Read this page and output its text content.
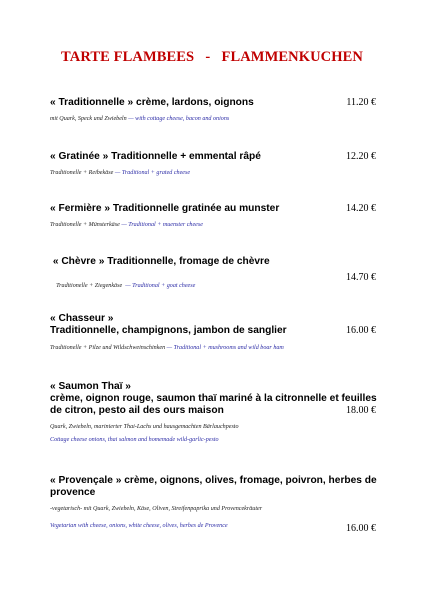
TARTE FLAMBEES   -   FLAMMENKUCHEN
11.20 €
« Traditionnelle » crème, lardons, oignons
mit Quark, Speck und Zwiebeln — with cottage cheese, bacon and onions
12.20 €
« Gratinée » Traditionnelle + emmental râpé
Traditionelle + Reibekäse — Traditional + grated cheese
14.20 €
« Fermière » Traditionnelle gratinée au munster
Traditionelle + Münsterkäse — Traditional + muenster cheese
14.70 €
« Chèvre » Traditionnelle, fromage de chèvre

Traditionelle + Ziegenkäse  — Traditional + goat cheese

16.00 €
« Chasseur »
Traditionnelle, champignons, jambon de sanglier
Traditionelle + Pilze und Wildschweinschinken — Traditional + mushrooms and wild boar ham
18.00 €
« Saumon Thaï »
crème, oignon rouge, saumon thaï mariné à la citronnelle et feuilles de citron, pesto ail des ours maison
Quark, Zwiebeln, marinierter Thai-Lachs und hausgemachten Bärlauchpesto
Cottage cheese onions, thai salmon and homemade wild-garlic-pesto
16.00 €
« Provençale » crème, oignons, olives, fromage, poivron, herbes de provence
-vegetarisch- mit Quark, Zwiebeln, Käse, Oliven, Streifenpaprika und Provencekräuter
Vegetarian with cheese, onions, white cheese, olives, herbes de Provence
